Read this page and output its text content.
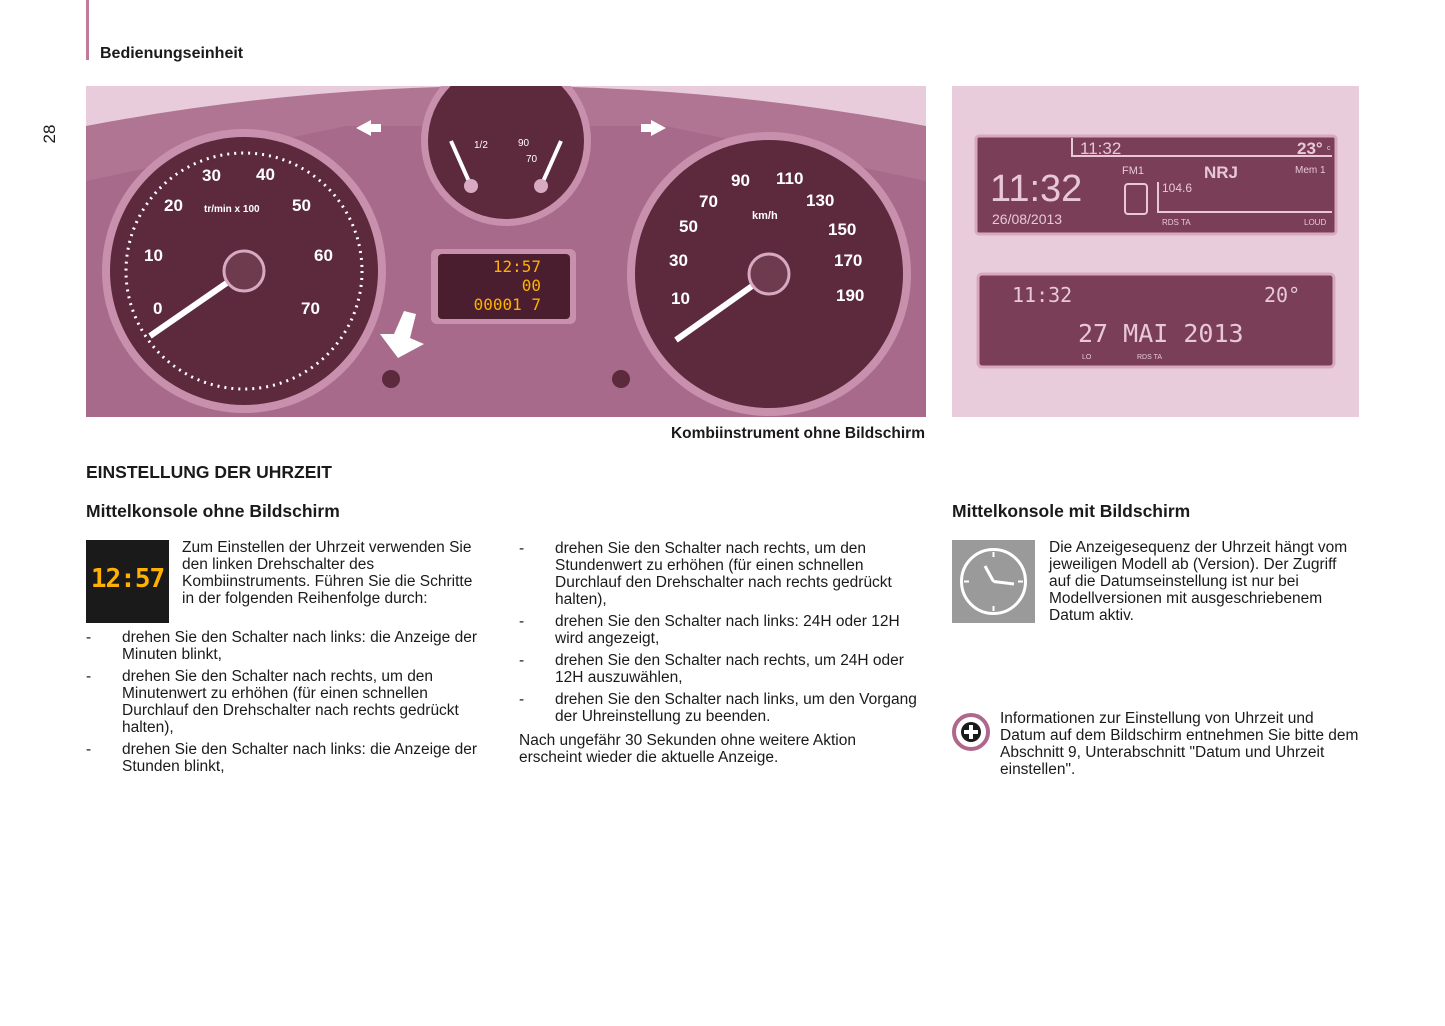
Bedienungseinheit
28
1/2	90
70
0
10
20
30 40
50
60
70
tr/min x 100
12:57
00
00001 7	10
30
50
70
90 110
130
150
170
190
km/h
Kombiinstrument ohne Bildschirm
11:32	23° c
11:32
26/08/2013
FM1	NRJ	Mem 1
104.6
RDS TA	LOUD
11:32	20°
27 MAI 2013
LO	RDS TA
EINSTELLUNG DER UHRZEIT
Mittelkonsole ohne Bildschirm
12:57
Zum Einstellen der Uhrzeit verwenden Sie den linken Drehschalter des Kombiinstruments. Führen Sie die Schritte in der folgenden Reihenfolge durch:
- drehen Sie den Schalter nach links: die Anzeige der Minuten blinkt,
- drehen Sie den Schalter nach rechts, um den Minutenwert zu erhöhen (für einen schnellen Durchlauf den Drehschalter nach rechts gedrückt halten),
- drehen Sie den Schalter nach links: die Anzeige der Stunden blinkt,
- drehen Sie den Schalter nach rechts, um den Stundenwert zu erhöhen (für einen schnellen Durchlauf den Drehschalter nach rechts gedrückt halten),
- drehen Sie den Schalter nach links: 24H oder 12H wird angezeigt,
- drehen Sie den Schalter nach rechts, um 24H oder 12H auszuwählen,
- drehen Sie den Schalter nach links, um den Vorgang der Uhreinstellung zu beenden.
Nach ungefähr 30 Sekunden ohne weitere Aktion erscheint wieder die aktuelle Anzeige.
Mittelkonsole mit Bildschirm
Die Anzeigesequenz der Uhrzeit hängt vom jeweiligen Modell ab (Version). Der Zugriff auf die Datumseinstellung ist nur bei Modellversionen mit ausgeschriebenem Datum aktiv.
Informationen zur Einstellung von Uhrzeit und Datum auf dem Bildschirm entnehmen Sie bitte dem Abschnitt 9, Unterabschnitt "Datum und Uhrzeit einstellen".
